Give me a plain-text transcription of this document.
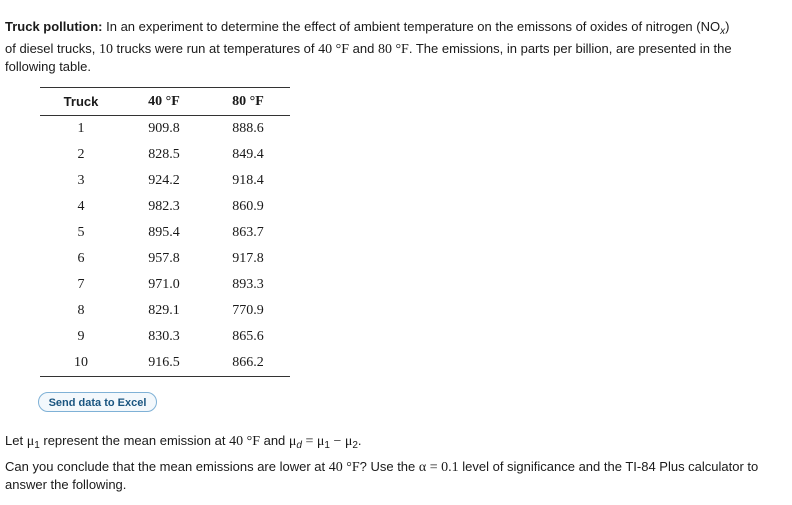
Truck pollution: In an experiment to determine the effect of ambient temperature on the emissons of oxides of nitrogen $(NO_x)$

of diesel trucks, 10 trucks were run at temperatures of 40 °F and 80 °F. The emissions, in parts per billion, are presented in the

following table.

Truck	40 °F	80 °F
1	909.8	888.6
2	828.5	849.4
3	924.2	918.4
4	982.3	860.9
5	895.4	863.7
6	957.8	917.8
7	971.0	893.3
8	829.1	770.9
9	830.3	865.6
10	916.5	866.2
Send data to Excel
Let $\mu_1$ represent the mean emission at 40 °F and $\mu_d = \mu_1 - \mu_2$.
Can you conclude that the mean emissions are lower at 40 °F? Use the α = 0.1 level of significance and the TI-84 Plus calculator to answer the following.
